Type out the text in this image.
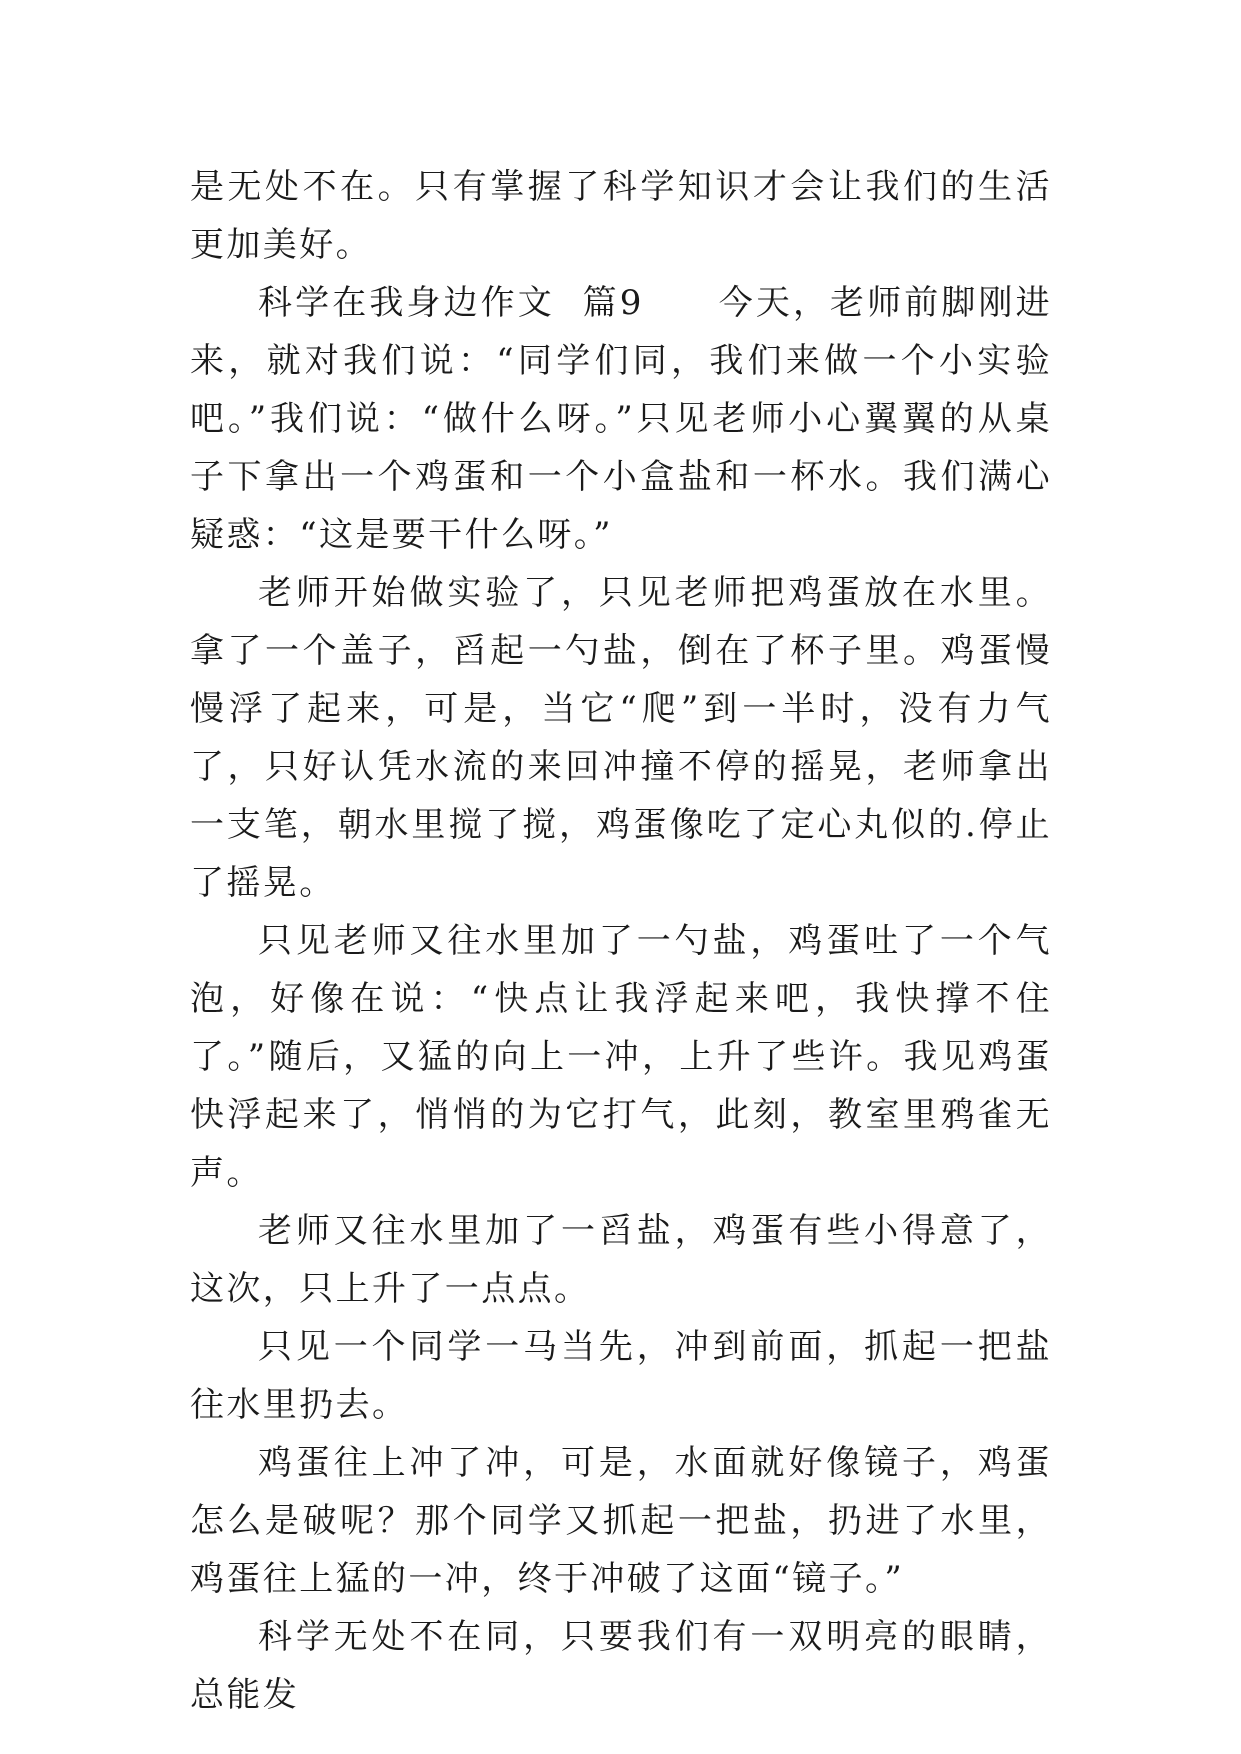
是无处不在。只有掌握了科学知识才会让我们的生活更加美好。

科学在我身边作文  篇9　　今天，老师前脚刚进来，就对我们说：“同学们同，我们来做一个小实验吧。”我们说：“做什么呀。”只见老师小心翼翼的从桌子下拿出一个鸡蛋和一个小盒盐和一杯水。我们满心疑惑：“这是要干什么呀。”

老师开始做实验了，只见老师把鸡蛋放在水里。拿了一个盖子，舀起一勺盐，倒在了杯子里。鸡蛋慢慢浮了起来，可是，当它“爬”到一半时，没有力气了，只好认凭水流的来回冲撞不停的摇晃，老师拿出一支笔，朝水里搅了搅，鸡蛋像吃了定心丸似的.停止了摇晃。

只见老师又往水里加了一勺盐，鸡蛋吐了一个气泡，好像在说：“快点让我浮起来吧，我快撑不住了。”随后，又猛的向上一冲，上升了些许。我见鸡蛋快浮起来了，悄悄的为它打气，此刻，教室里鸦雀无声。

老师又往水里加了一舀盐，鸡蛋有些小得意了，这次，只上升了一点点。

只见一个同学一马当先，冲到前面，抓起一把盐往水里扔去。

鸡蛋往上冲了冲，可是，水面就好像镜子，鸡蛋怎么是破呢？那个同学又抓起一把盐，扔进了水里，鸡蛋往上猛的一冲，终于冲破了这面“镜子。”

科学无处不在同，只要我们有一双明亮的眼睛，总能发
